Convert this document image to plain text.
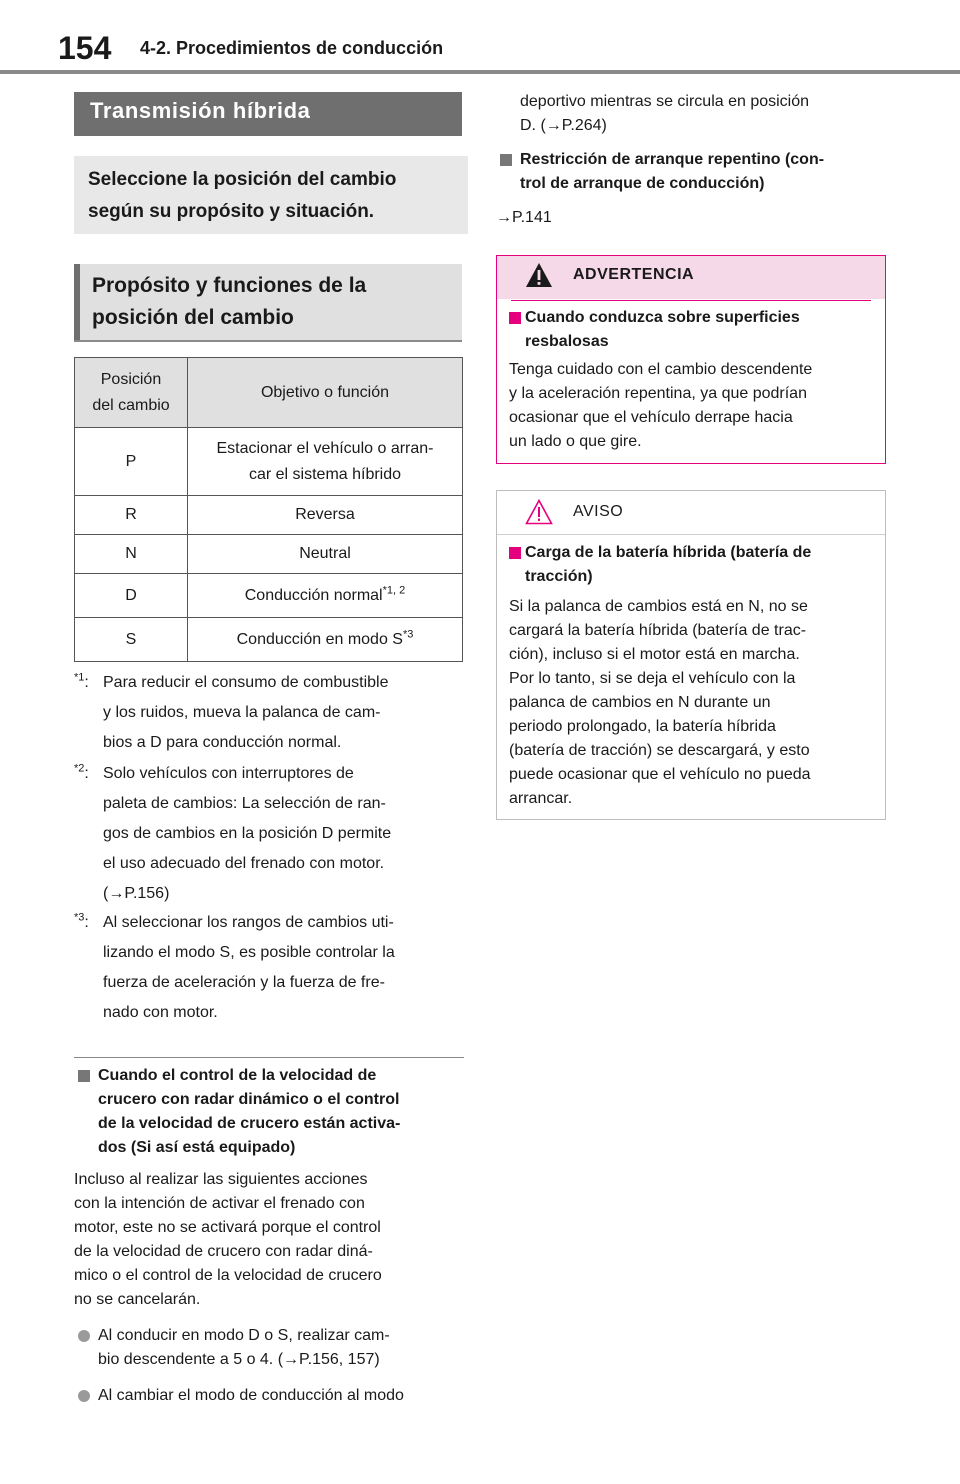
154 4-2. Procedimientos de conducción
Transmisión híbrida
Seleccione la posición del cambio
según su propósito y situación.
Propósito y funciones de la
posición del cambio
Posición
del cambio	Objetivo o función
P	Estacionar el vehículo o arran-
car el sistema híbrido

R	Reversa
N	Neutral
D	Conducción normal$^{*1, 2}$
S	Conducción en modo $S^{*3}$
$^{*1}$: Para reducir el consumo de combustible
y los ruidos, mueva la palanca de cam-
bios a D para conducción normal.
$^{*2}$: Solo vehículos con interruptores de
paleta de cambios: La selección de ran-
gos de cambios en la posición D permite
el uso adecuado del frenado con motor.
(→P.156)
$^{*3}$: Al seleccionar los rangos de cambios uti-
lizando el modo S, es posible controlar la
fuerza de aceleración y la fuerza de fre-
nado con motor.
Cuando el control de la velocidad de
crucero con radar dinámico o el control
de la velocidad de crucero están activa-
dos (Si así está equipado)
Incluso al realizar las siguientes acciones
con la intención de activar el frenado con
motor, este no se activará porque el control
de la velocidad de crucero con radar diná-
mico o el control de la velocidad de crucero
no se cancelarán.
Al conducir en modo D o S, realizar cam-
bio descendente a 5 o 4. (→P.156, 157)
Al cambiar el modo de conducción al modo
deportivo mientras se circula en posición
D. (→P.264)
Restricción de arranque repentino (con-
trol de arranque de conducción)
→P.141
ADVERTENCIA
Cuando conduzca sobre superficies
resbalosas
Tenga cuidado con el cambio descendente
y la aceleración repentina, ya que podrían
ocasionar que el vehículo derrape hacia
un lado o que gire.
AVISO
Carga de la batería híbrida (batería de
tracción)
Si la palanca de cambios está en N, no se
cargará la batería híbrida (batería de trac-
ción), incluso si el motor está en marcha.
Por lo tanto, si se deja el vehículo con la
palanca de cambios en N durante un
periodo prolongado, la batería híbrida
(batería de tracción) se descargará, y esto
puede ocasionar que el vehículo no pueda
arrancar.
